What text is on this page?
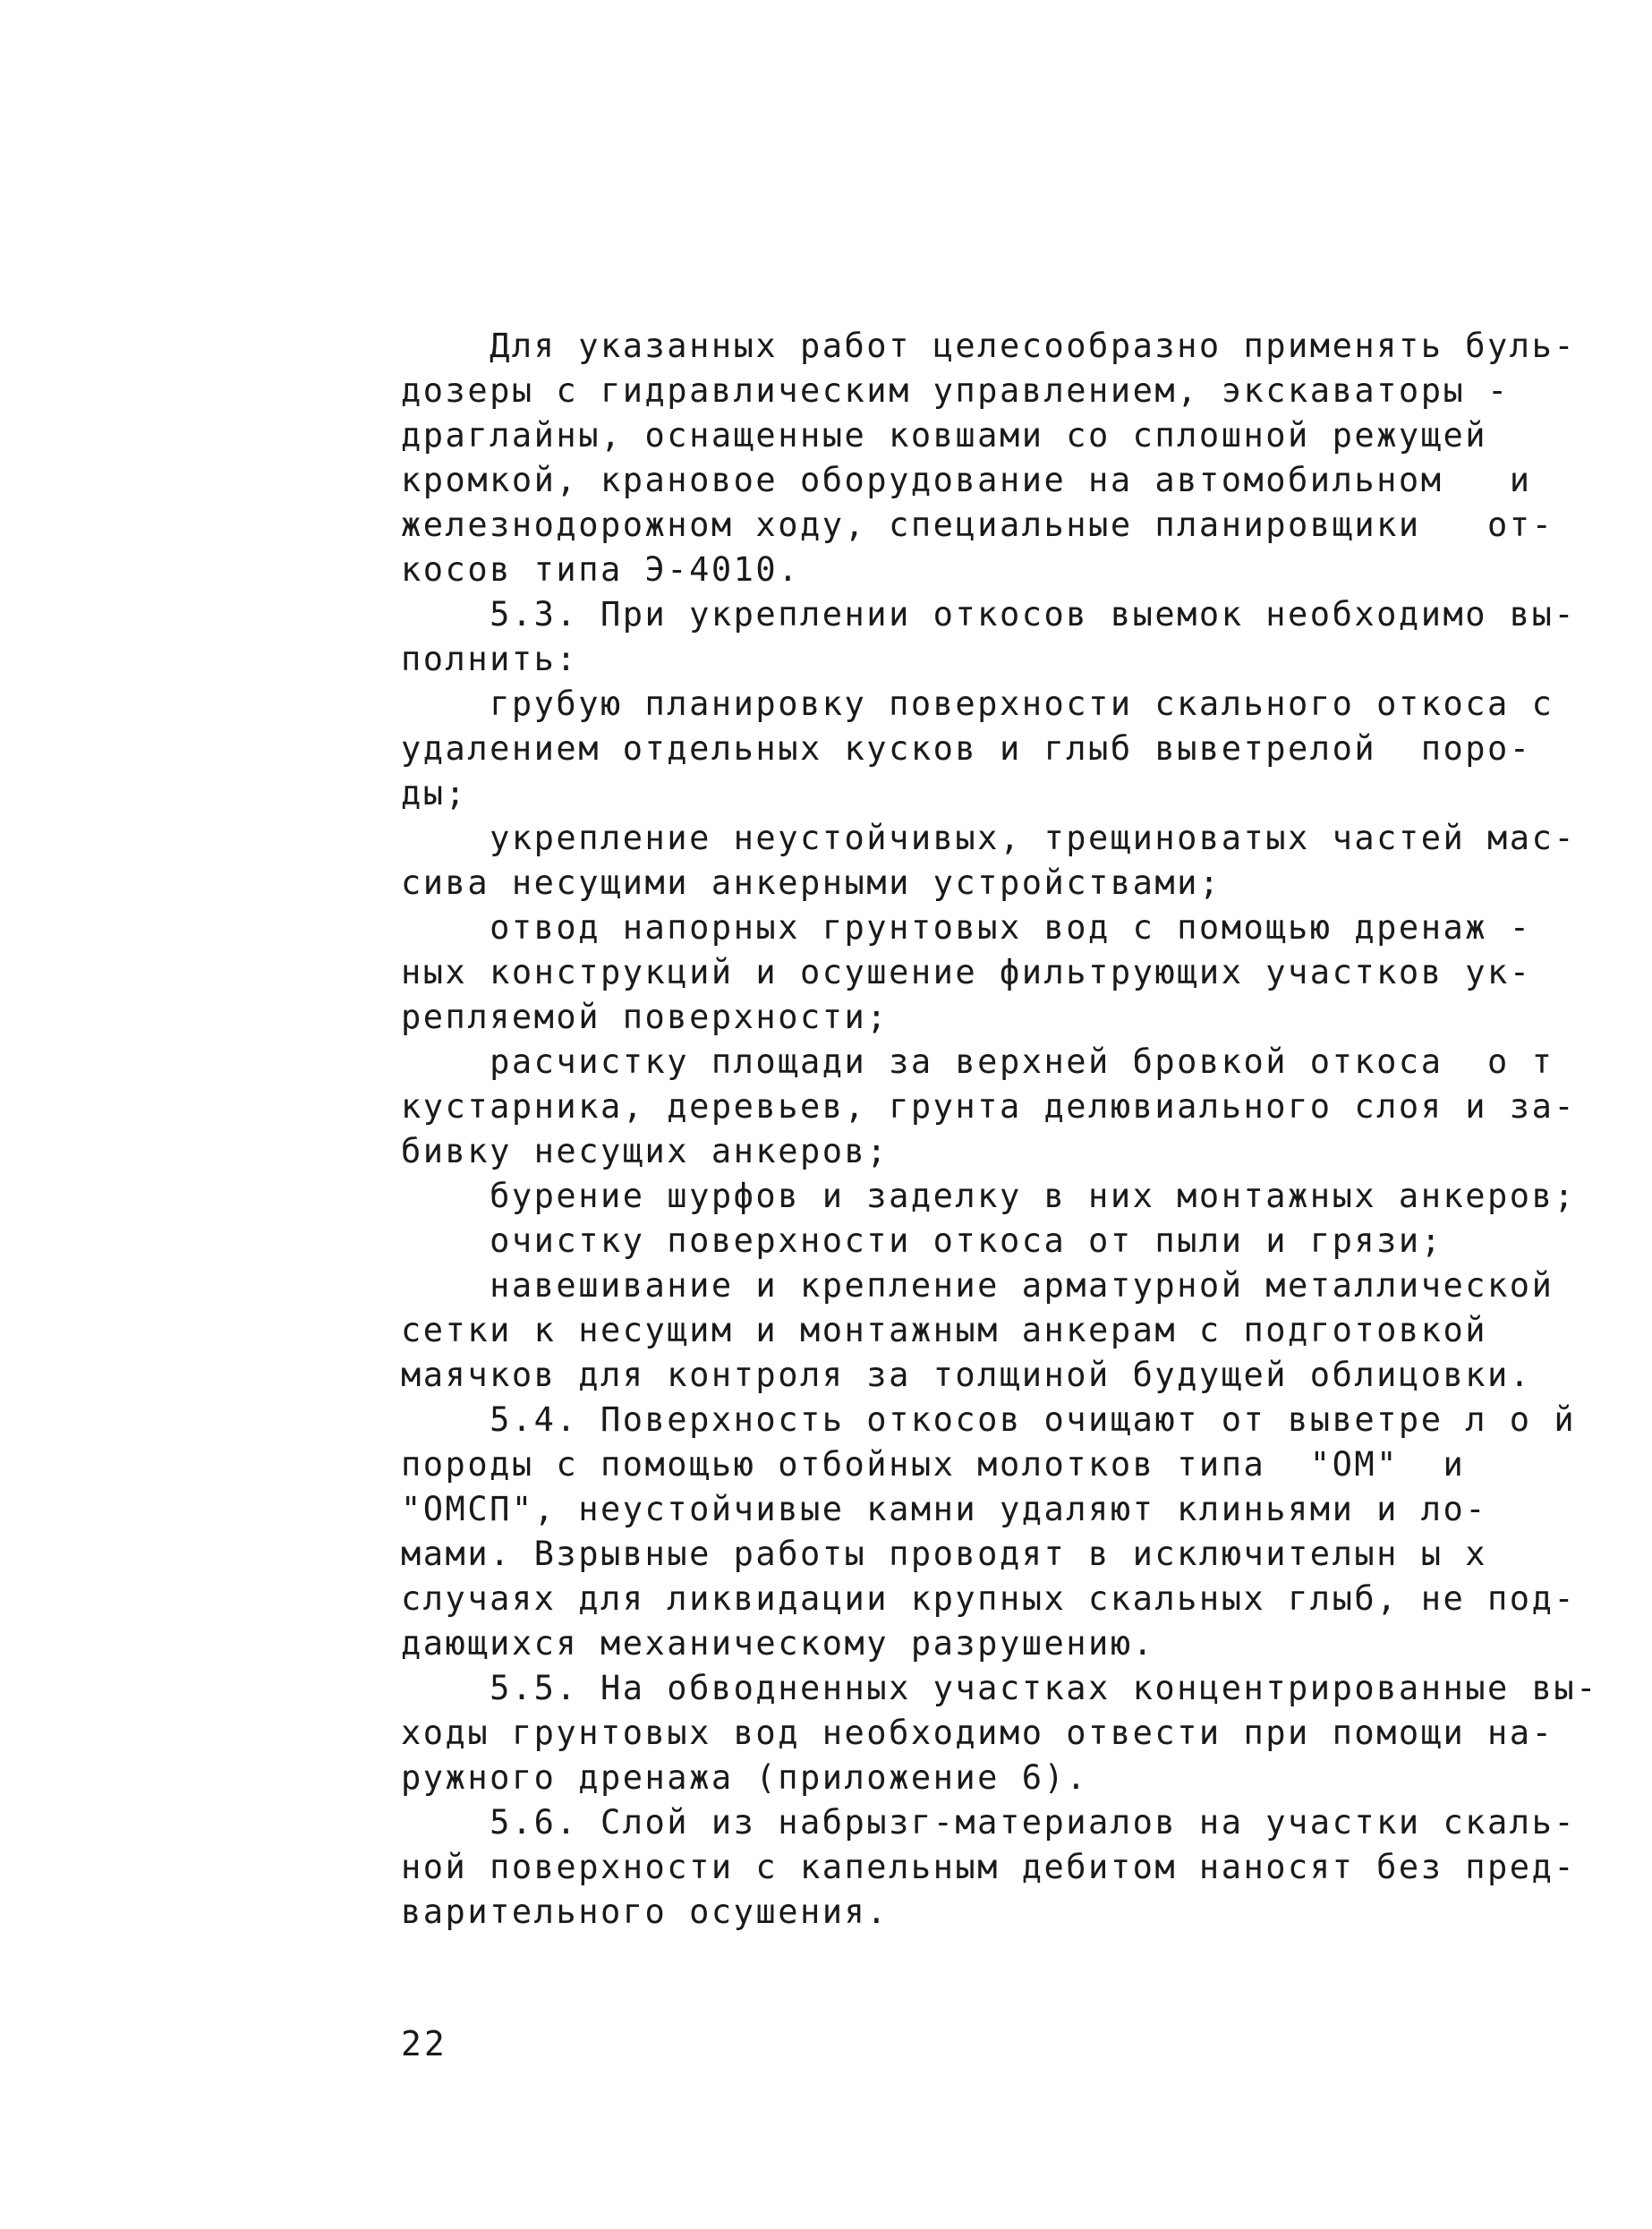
Для указанных работ целесообразно применять буль-
дозеры с гидравлическим управлением, экскаваторы -
драглайны, оснащенные ковшами со сплошной режущей
кромкой, крановое оборудование на автомобильном   и
железнодорожном ходу, специальные планировщики   от-
косов типа Э-4010.
5.3. При укреплении откосов выемок необходимо вы-
полнить:
грубую планировку поверхности скального откоса с
удалением отдельных кусков и глыб выветрелой  поро-
ды;
укрепление неустойчивых, трещиноватых частей мас-
сива несущими анкерными устройствами;
отвод напорных грунтовых вод с помощью дренаж -
ных конструкций и осушение фильтрующих участков ук-
репляемой поверхности;
расчистку площади за верхней бровкой откоса  о т
кустарника, деревьев, грунта делювиального слоя и за-
бивку несущих анкеров;
бурение шурфов и заделку в них монтажных анкеров;
очистку поверхности откоса от пыли и грязи;
навешивание и крепление арматурной металлической
сетки к несущим и монтажным анкерам с подготовкой
маячков для контроля за толщиной будущей облицовки.
5.4. Поверхность откосов очищают от выветре л о й
породы с помощью отбойных молотков типа  "ОМ"  и
"ОМСП", неустойчивые камни удаляют клиньями и ло-
мами. Взрывные работы проводят в исключителын ы х
случаях для ликвидации крупных скальных глыб, не под-
дающихся механическому разрушению.
5.5. На обводненных участках концентрированные вы-
ходы грунтовых вод необходимо отвести при помощи на-
ружного дренажа (приложение 6).
5.6. Слой из набрызг-материалов на участки скаль-
ной поверхности с капельным дебитом наносят без пред-
варительного осушения.
22
